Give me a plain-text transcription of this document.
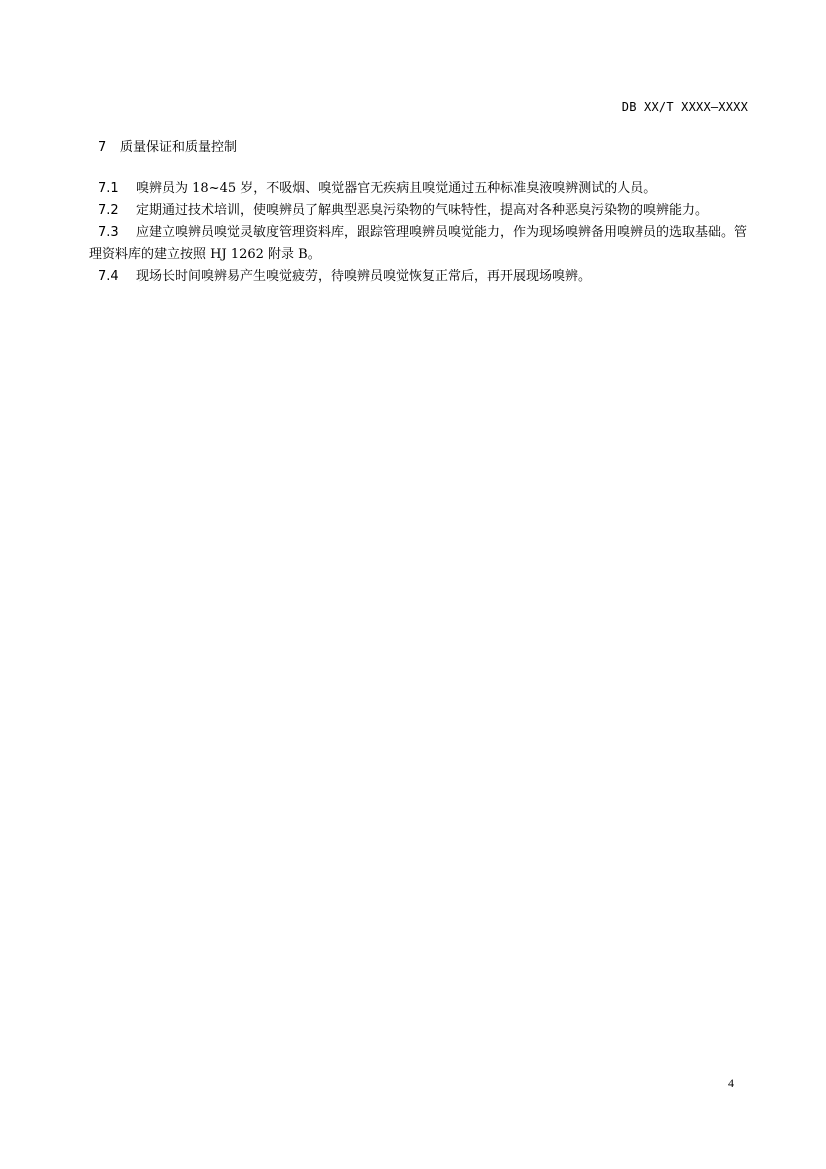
DB XX/T XXXX—XXXX
7 质量保证和质量控制

7.1 嗅辨员为 18~45 岁，不吸烟、嗅觉器官无疾病且嗅觉通过五种标准臭液嗅辨测试的人员。

7.2 定期通过技术培训，使嗅辨员了解典型恶臭污染物的气味特性，提高对各种恶臭污染物的嗅辨能力。

7.3 应建立嗅辨员嗅觉灵敏度管理资料库，跟踪管理嗅辨员嗅觉能力，作为现场嗅辨备用嗅辨员的选取基础。管理资料库的建立按照 HJ 1262 附录 B。

7.4 现场长时间嗅辨易产生嗅觉疲劳，待嗅辨员嗅觉恢复正常后，再开展现场嗅辨。

4
